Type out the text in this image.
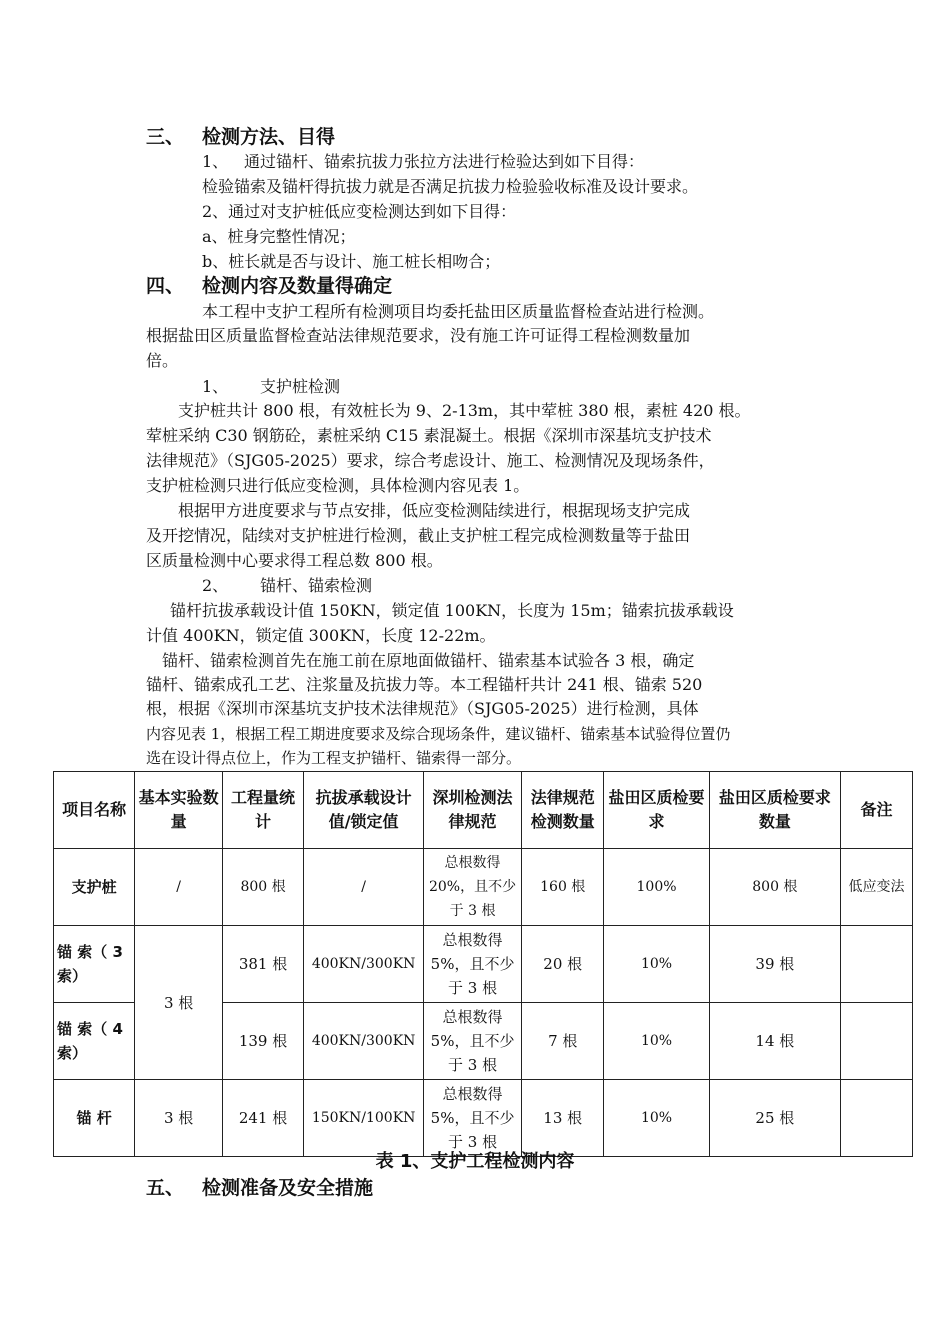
三、 检测方法、目得
1、 通过锚杆、锚索抗拔力张拉方法进行检验达到如下目得：
检验锚索及锚杆得抗拔力就是否满足抗拔力检验验收标准及设计要求。
2、通过对支护桩低应变检测达到如下目得：
a、桩身完整性情况；
b、桩长就是否与设计、施工桩长相吻合；
四、 检测内容及数量得确定
本工程中支护工程所有检测项目均委托盐田区质量监督检查站进行检测。
根据盐田区质量监督检查站法律规范要求，没有施工许可证得工程检测数量加
倍。
1、 支护桩检测
支护桩共计 800 根，有效桩长为 9、2-13m，其中荤桩 380 根，素桩 420 根。
荤桩采纳 C30 钢筋砼，素桩采纳 C15 素混凝土。根据《深圳市深基坑支护技术
法律规范》（SJG05-2025）要求，综合考虑设计、施工、检测情况及现场条件，
支护桩检测只进行低应变检测，具体检测内容见表 1。
根据甲方进度要求与节点安排，低应变检测陆续进行，根据现场支护完成
及开挖情况，陆续对支护桩进行检测，截止支护桩工程完成检测数量等于盐田
区质量检测中心要求得工程总数 800 根。
2、 锚杆、锚索检测
锚杆抗拔承载设计值 150KN，锁定值 100KN，长度为 15m；锚索抗拔承载设
计值 400KN，锁定值 300KN，长度 12-22m。
锚杆、锚索检测首先在施工前在原地面做锚杆、锚索基本试验各 3 根，确定
锚杆、锚索成孔工艺、注浆量及抗拔力等。本工程锚杆共计 241 根、锚索 520
根，根据《深圳市深基坑支护技术法律规范》（SJG05-2025）进行检测，具体
内容见表 1，根据工程工期进度要求及综合现场条件，建议锚杆、锚索基本试验得位置仍
选在设计得点位上，作为工程支护锚杆、锚索得一部分。
项目名称	基本实验数量	工程量统计	抗拔承载设计值/锁定值	深圳检测法律规范	法律规范检测数量	盐田区质检要求	盐田区质检要求数量	备注
支护桩	/	800 根	/	总根数得20%，且不少于 3 根	160 根	100%	800 根	低应变法
锚 索（ 3索）	3 根	381 根	400KN/300KN	总根数得5%，且不少于 3 根	20 根	10%	39 根	
锚 索（ 4索）		139 根	400KN/300KN	总根数得5%，且不少于 3 根	7 根	10%	14 根	
锚 杆	3 根	241 根	150KN/100KN	总根数得5%，且不少于 3 根	13 根	10%	25 根	
表 1、支护工程检测内容
五、 检测准备及安全措施
